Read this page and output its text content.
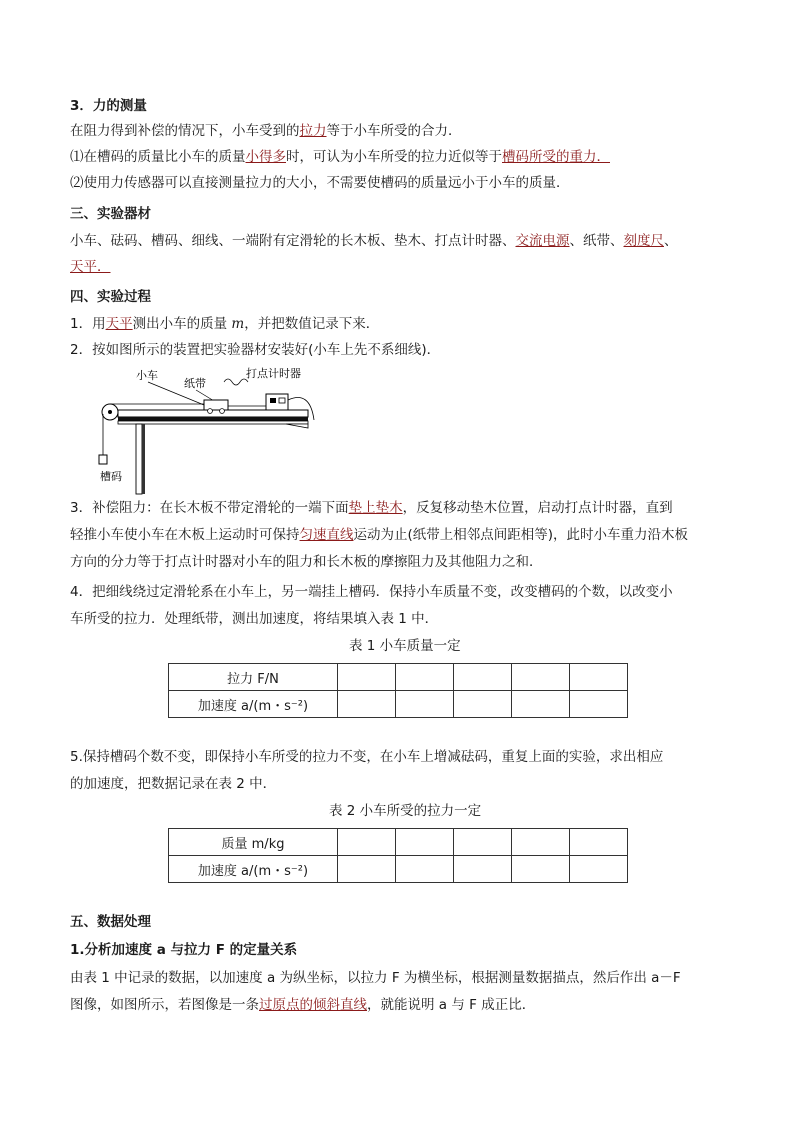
3．力的测量
在阻力得到补偿的情况下，小车受到的拉力等于小车所受的合力．
⑴在槽码的质量比小车的质量小得多时，可认为小车所受的拉力近似等于槽码所受的重力．
⑵使用力传感器可以直接测量拉力的大小，不需要使槽码的质量远小于小车的质量．
三、实验器材
小车、砝码、槽码、细线、一端附有定滑轮的长木板、垫木、打点计时器、交流电源、纸带、刻度尺、
天平．
四、实验过程
1．用天平测出小车的质量 m，并把数值记录下来．
2．按如图所示的装置把实验器材安装好(小车上先不系细线)．
小车
纸带
打点计时器
槽码
3．补偿阻力：在长木板不带定滑轮的一端下面垫上垫木，反复移动垫木位置，启动打点计时器，直到
轻推小车使小车在木板上运动时可保持匀速直线运动为止(纸带上相邻点间距相等)，此时小车重力沿木板
方向的分力等于打点计时器对小车的阻力和长木板的摩擦阻力及其他阻力之和．
4．把细线绕过定滑轮系在小车上，另一端挂上槽码．保持小车质量不变，改变槽码的个数，以改变小
车所受的拉力．处理纸带，测出加速度，将结果填入表 1 中．
表 1 小车质量一定
拉力 F/N					
加速度 a/(m・s⁻²)					
5.保持槽码个数不变，即保持小车所受的拉力不变，在小车上增减砝码，重复上面的实验，求出相应
的加速度，把数据记录在表 2 中．
表 2 小车所受的拉力一定
质量 m/kg					
加速度 a/(m・s⁻²)					
五、数据处理
1.分析加速度 a 与拉力 F 的定量关系
由表 1 中记录的数据，以加速度 a 为纵坐标，以拉力 F 为横坐标，根据测量数据描点，然后作出 a－F
图像，如图所示，若图像是一条过原点的倾斜直线，就能说明 a 与 F 成正比．
